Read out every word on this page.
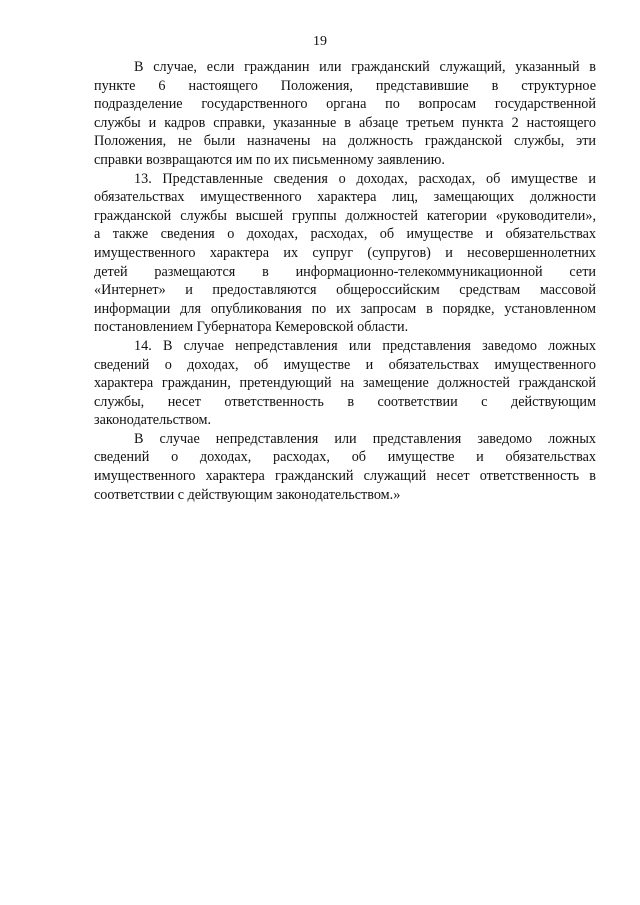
19
В случае, если гражданин или гражданский служащий, указанный в
пункте 6 настоящего Положения, представившие в структурное
подразделение государственного органа по вопросам государственной
службы и кадров справки, указанные в абзаце третьем пункта 2 настоящего
Положения, не были назначены на должность гражданской службы, эти
справки возвращаются им по их письменному заявлению.
13. Представленные сведения о доходах, расходах, об имуществе и
обязательствах имущественного характера лиц, замещающих должности
гражданской службы высшей группы должностей категории «руководители»,
а также сведения о доходах, расходах, об имуществе и обязательствах
имущественного характера их супруг (супругов) и несовершеннолетних
детей размещаются в информационно-телекоммуникационной сети
«Интернет» и предоставляются общероссийским средствам массовой
информации для опубликования по их запросам в порядке, установленном
постановлением Губернатора Кемеровской области.
14. В случае непредставления или представления заведомо ложных
сведений о доходах, об имуществе и обязательствах имущественного
характера гражданин, претендующий на замещение должностей гражданской
службы, несет ответственность в соответствии с действующим
законодательством.
В случае непредставления или представления заведомо ложных
сведений о доходах, расходах, об имуществе и обязательствах
имущественного характера гражданский служащий несет ответственность в
соответствии с действующим законодательством.»
